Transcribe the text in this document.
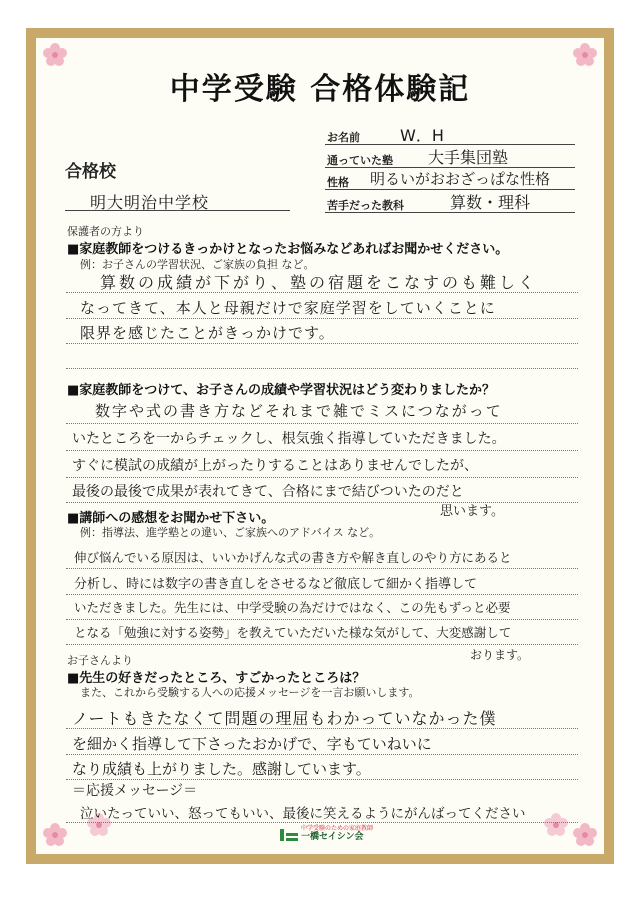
中学受験 合格体験記
お名前	W．H
通っていた塾 大手集団塾
性格 明るいがおおざっぱな性格
苦手だった教科	算数・理科
合格校
明大明治中学校
保護者の方より
■家庭教師をつけるきっかけとなったお悩みなどあればお聞かせください。
例：お子さんの学習状況、ご家族の負担 など。
算数の成績が下がり、塾の宿題をこなすのも難しく
なってきて、本人と母親だけで家庭学習をしていくことに
限界を感じたことがきっかけです。
■家庭教師をつけて、お子さんの成績や学習状況はどう変わりましたか？
数字や式の書き方などそれまで雑でミスにつながって
いたところを一からチェックし、根気強く指導していただきました。
すぐに模試の成績が上がったりすることはありませんでしたが、
最後の最後で成果が表れてきて、合格にまで結びついたのだと
思います。
■講師への感想をお聞かせ下さい。
例：指導法、進学塾との違い、ご家族へのアドバイス など。
伸び悩んでいる原因は、いいかげんな式の書き方や解き直しのやり方にあると
分析し、時には数字の書き直しをさせるなど徹底して細かく指導して
いただきました。先生には、中学受験の為だけではなく、この先もずっと必要
となる「勉強に対する姿勢」を教えていただいた様な気がして、大変感謝して
おります。
お子さんより
■先生の好きだったところ、すごかったところは？
また、これから受験する人への応援メッセージを一言お願いします。
ノートもきたなくて問題の理屈もわかっていなかった僕
を細かく指導して下さったおかげで、字もていねいに
なり成績も上がりました。感謝しています。
＝応援メッセージ＝
泣いたっていい、怒ってもいい、最後に笑えるようにがんばってください
中学受験のための家庭教師
一橋セイシン会
